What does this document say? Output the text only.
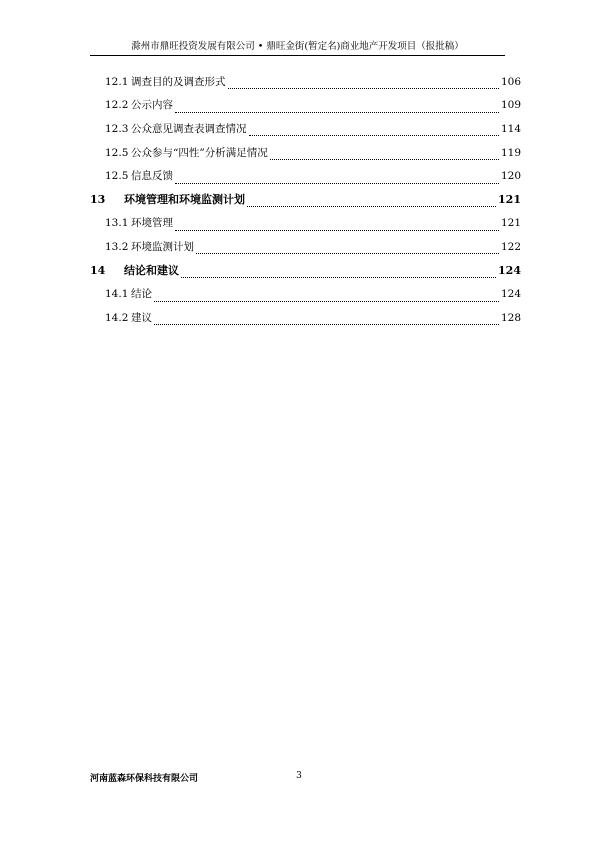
滁州市鼎旺投资发展有限公司 • 鼎旺金街(暂定名)商业地产开发项目（报批稿）
12.1 调查目的及调查形式	106
12.2 公示内容	109
12.3 公众意见调查表调查情况	114
12.5 公众参与“四性”分析满足情况	119
12.5 信息反馈	120
13	环境管理和环境监测计划	121
13.1 环境管理	121
13.2 环境监测计划	122
14	结论和建议	124
14.1 结论	124
14.2 建议	128
河南蓝森环保科技有限公司	3
